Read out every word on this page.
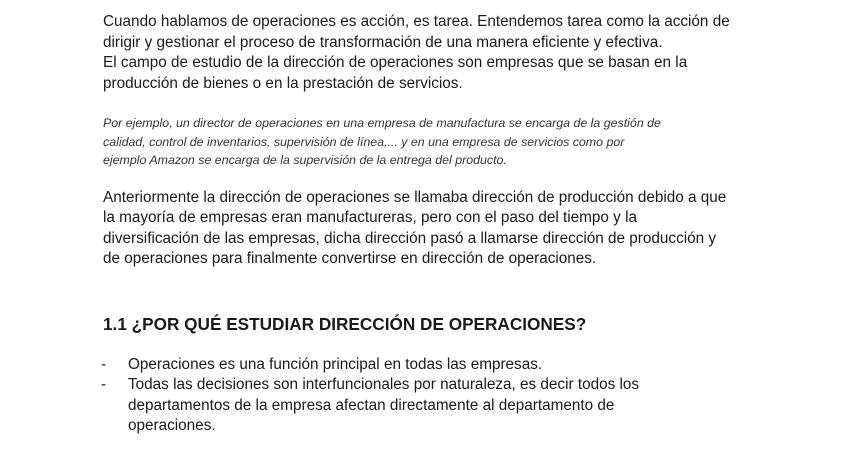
Cuando hablamos de operaciones es acción, es tarea. Entendemos tarea como la acción de
dirigir y gestionar el proceso de transformación de una manera eficiente y efectiva.
El campo de estudio de la dirección de operaciones son empresas que se basan en la
producción de bienes o en la prestación de servicios.

Por ejemplo, un director de operaciones en una empresa de manufactura se encarga de la gestión de
calidad, control de inventarios, supervisión de línea,... y en una empresa de servicios como por
ejemplo Amazon se encarga de la supervisión de la entrega del producto.

Anteriormente la dirección de operaciones se llamaba dirección de producción debido a que
la mayoría de empresas eran manufactureras, pero con el paso del tiempo y la
diversificación de las empresas, dicha dirección pasó a llamarse dirección de producción y
de operaciones para finalmente convertirse en dirección de operaciones.

1.1 ¿POR QUÉ ESTUDIAR DIRECCIÓN DE OPERACIONES?
- Operaciones es una función principal en todas las empresas.
- Todas las decisiones son interfuncionales por naturaleza, es decir todos los
departamentos de la empresa afectan directamente al departamento de
operaciones.
